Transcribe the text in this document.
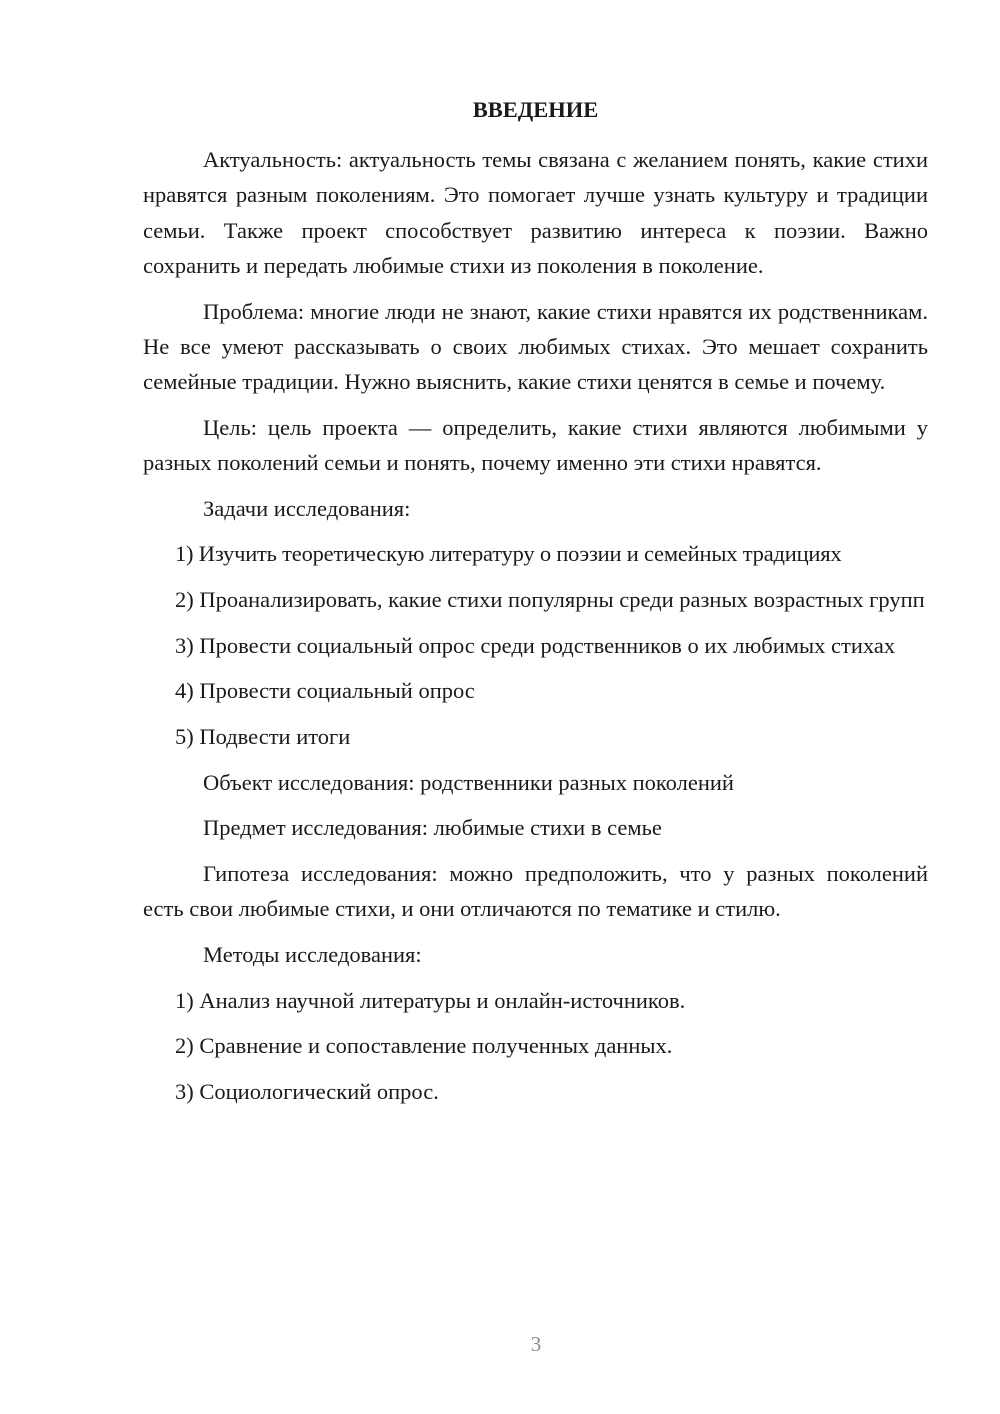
ВВЕДЕНИЕ

Актуальность: актуальность темы связана с желанием понять, какие стихи нравятся разным поколениям. Это помогает лучше узнать культуру и традиции семьи. Также проект способствует развитию интереса к поэзии. Важно сохранить и передать любимые стихи из поколения в поколение.

Проблема: многие люди не знают, какие стихи нравятся их родственникам. Не все умеют рассказывать о своих любимых стихах. Это мешает сохранить семейные традиции. Нужно выяснить, какие стихи ценятся в семье и почему.

Цель: цель проекта — определить, какие стихи являются любимыми у разных поколений семьи и понять, почему именно эти стихи нравятся.

Задачи исследования:

1) Изучить теоретическую литературу о поэзии и семейных традициях

2) Проанализировать, какие стихи популярны среди разных возрастных групп

3) Провести социальный опрос среди родственников о их любимых стихах

4) Провести социальный опрос

5) Подвести итоги

Объект исследования: родственники разных поколений

Предмет исследования: любимые стихи в семье

Гипотеза исследования: можно предположить, что у разных поколений есть свои любимые стихи, и они отличаются по тематике и стилю.

Методы исследования:

1) Анализ научной литературы и онлайн-источников.

2) Сравнение и сопоставление полученных данных.

3) Социологический опрос.

3
